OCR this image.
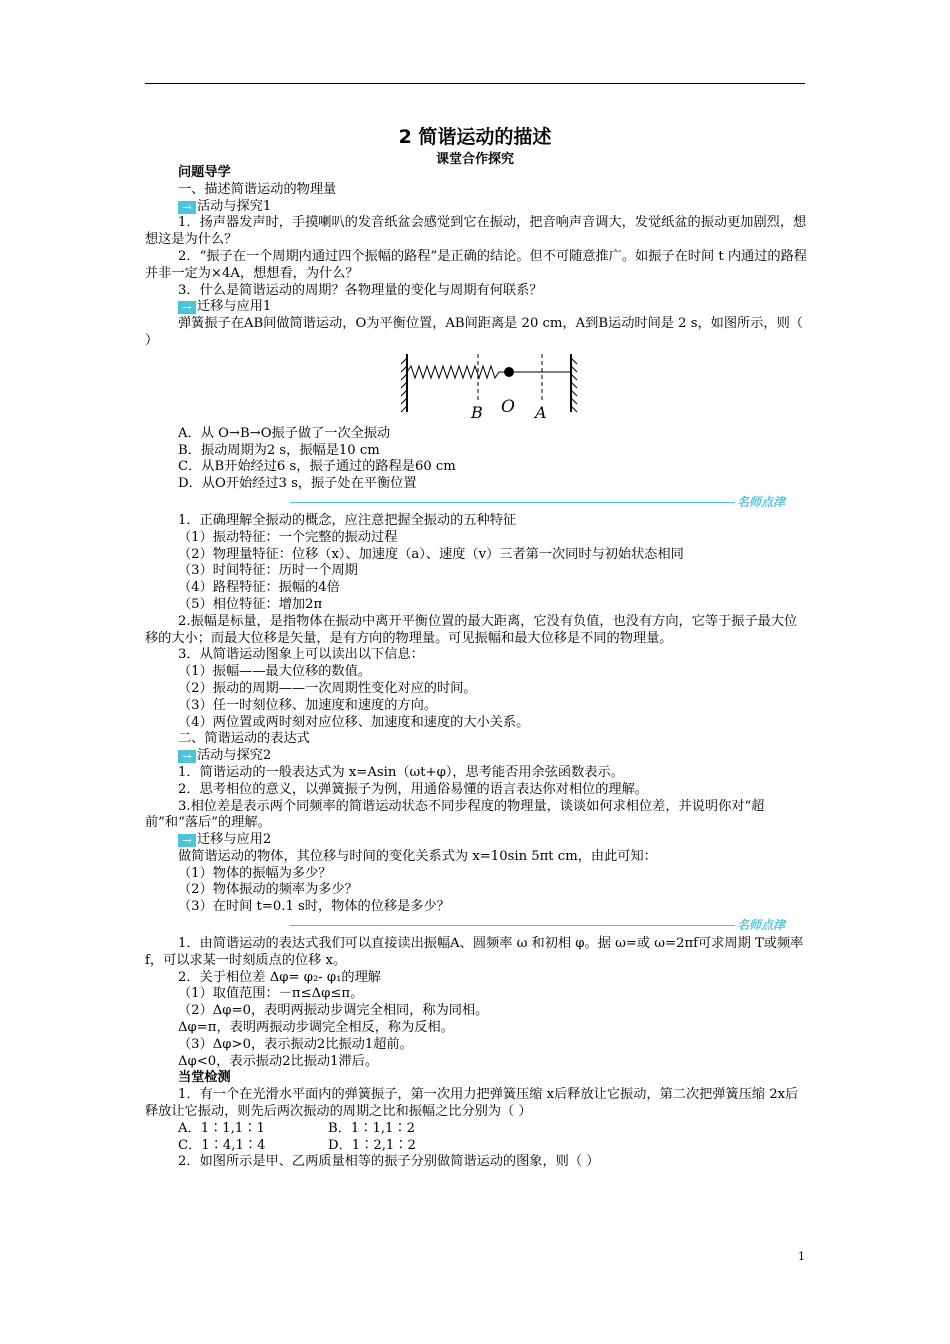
2 简谐运动的描述
课堂合作探究

问题导学

一、描述简谐运动的物理量

→ 活动与探究1

1．扬声器发声时，手摸喇叭的发音纸盆会感觉到它在振动，把音响声音调大，发觉纸盆的振动更加剧烈，想想这是为什么？

2．“振子在一个周期内通过四个振幅的路程”是正确的结论。但不可随意推广。如振子在时间 t 内通过的路程并非一定为×4A，想想看，为什么？

3．什么是简谐运动的周期？各物理量的变化与周期有何联系？

→ 迁移与应用1

弹簧振子在AB间做简谐运动，O为平衡位置，AB间距离是 20 cm，A到B运动时间是 2 s，如图所示，则（ ）

B O A

A．从 O→B→O振子做了一次全振动

B．振动周期为2 s，振幅是10 cm

C．从B开始经过6 s，振子通过的路程是60 cm

D．从O开始经过3 s，振子处在平衡位置

名师点津

1．正确理解全振动的概念，应注意把握全振动的五种特征

（1）振动特征：一个完整的振动过程

（2）物理量特征：位移（x）、加速度（a）、速度（v）三者第一次同时与初始状态相同

（3）时间特征：历时一个周期

（4）路程特征：振幅的4倍

（5）相位特征：增加2π

2.振幅是标量，是指物体在振动中离开平衡位置的最大距离，它没有负值，也没有方向，它等于振子最大位移的大小；而最大位移是矢量，是有方向的物理量。可见振幅和最大位移是不同的物理量。

3．从简谐运动图象上可以读出以下信息：

（1）振幅——最大位移的数值。

（2）振动的周期——一次周期性变化对应的时间。

（3）任一时刻位移、加速度和速度的方向。

（4）两位置或两时刻对应位移、加速度和速度的大小关系。

二、简谐运动的表达式

→ 活动与探究2

1．简谐运动的一般表达式为 x=Asin（ωt+φ），思考能否用余弦函数表示。

2．思考相位的意义，以弹簧振子为例，用通俗易懂的语言表达你对相位的理解。

3.相位差是表示两个同频率的简谐运动状态不同步程度的物理量，谈谈如何求相位差，并说明你对“超前”和“落后”的理解。

→ 迁移与应用2

做简谐运动的物体，其位移与时间的变化关系式为 x=10sin 5πt cm，由此可知：

（1）物体的振幅为多少？

（2）物体振动的频率为多少？

（3）在时间 t=0.1 s时，物体的位移是多少？

名师点津

1．由简谐运动的表达式我们可以直接读出振幅A、圆频率 ω 和初相 φ。据 ω=或 ω=2πf可求周期 T或频率 f，可以求某一时刻质点的位移 x。

2．关于相位差 Δφ= φ₂- φ₁的理解

（1）取值范围：－π≤Δφ≤π。

（2）Δφ=0，表明两振动步调完全相同，称为同相。

Δφ=π，表明两振动步调完全相反，称为反相。

（3）Δφ>0，表示振动2比振动1超前。

Δφ<0，表示振动2比振动1滞后。

当堂检测

1．有一个在光滑水平面内的弹簧振子，第一次用力把弹簧压缩 x后释放让它振动，第二次把弹簧压缩 2x后释放让它振动，则先后两次振动的周期之比和振幅之比分别为（ ）

A．1∶1,1∶1	B．1∶1,1∶2

C．1∶4,1∶4	D．1∶2,1∶2

2．如图所示是甲、乙两质量相等的振子分别做简谐运动的图象，则（ ）

1
